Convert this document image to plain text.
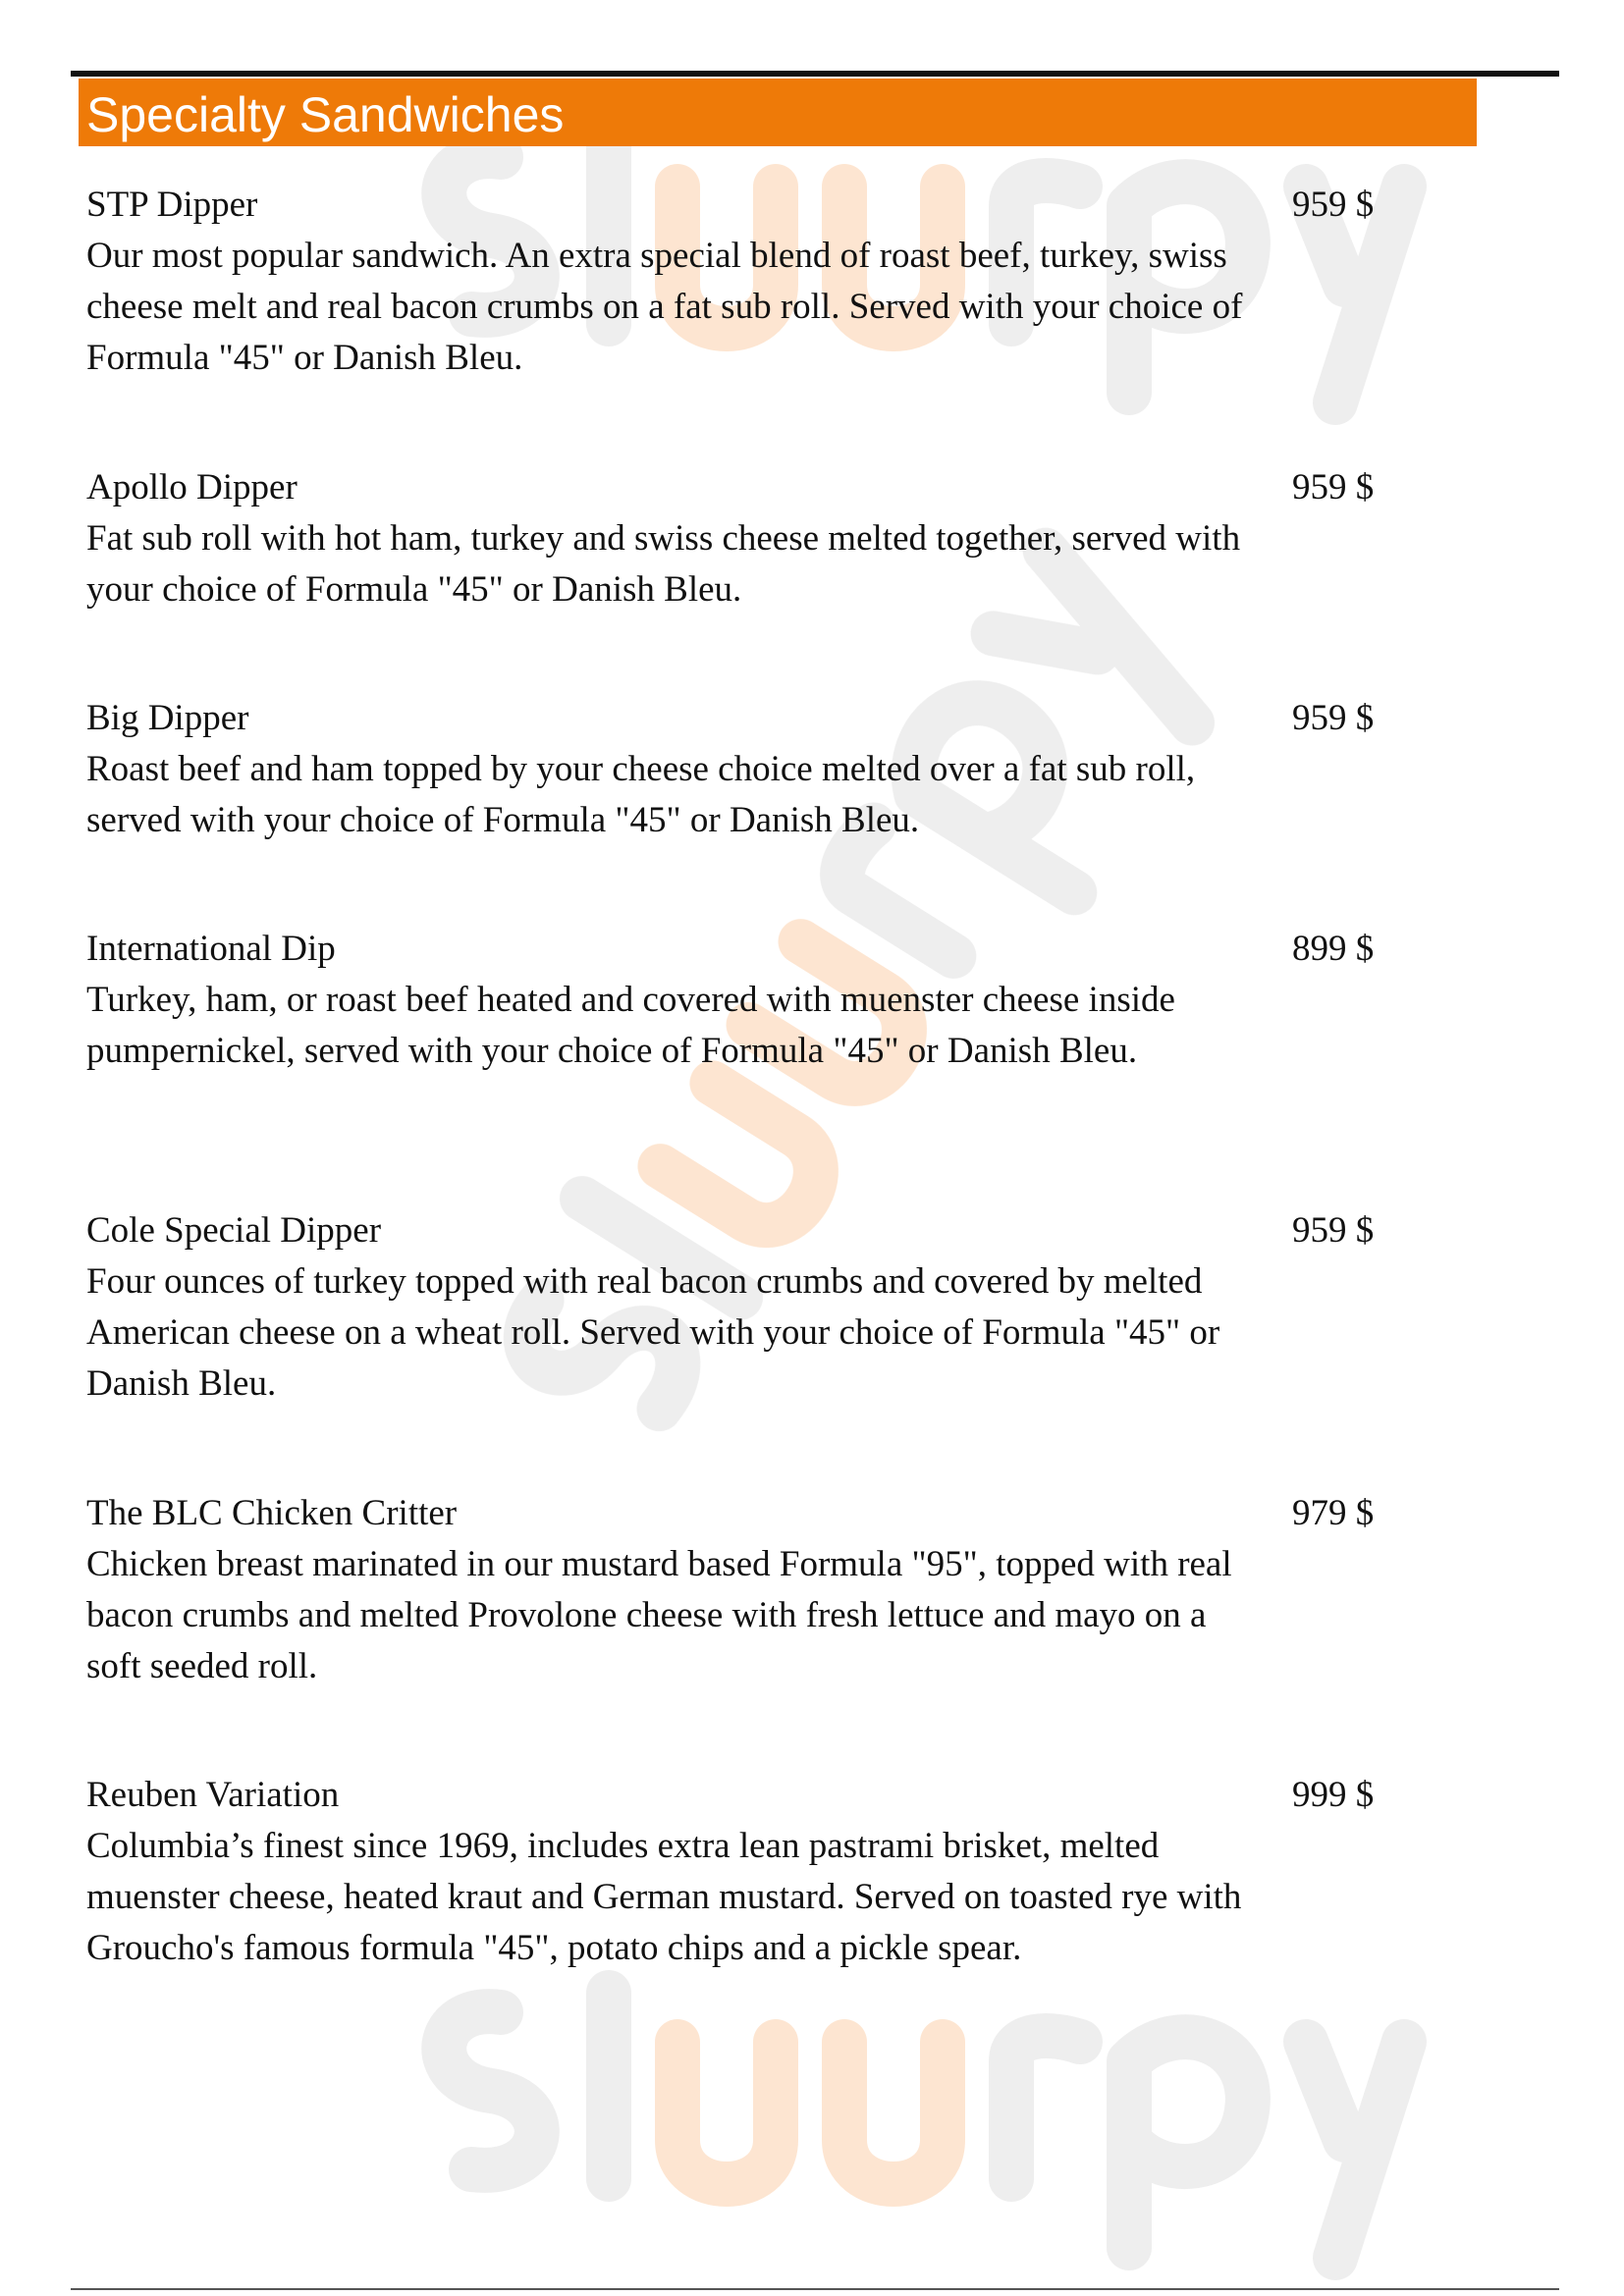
Specialty Sandwiches
STP Dipper
Our most popular sandwich. An extra special blend of roast beef, turkey, swiss cheese melt and real bacon crumbs on a fat sub roll. Served with your choice of Formula "45" or Danish Bleu.
959 $
Apollo Dipper
Fat sub roll with hot ham, turkey and swiss cheese melted together, served with your choice of Formula "45" or Danish Bleu.
959 $
Big Dipper
Roast beef and ham topped by your cheese choice melted over a fat sub roll, served with your choice of Formula "45" or Danish Bleu.
959 $
International Dip
Turkey, ham, or roast beef heated and covered with muenster cheese inside pumpernickel, served with your choice of Formula "45" or Danish Bleu.
899 $
Cole Special Dipper
Four ounces of turkey topped with real bacon crumbs and covered by melted American cheese on a wheat roll. Served with your choice of Formula "45" or Danish Bleu.
959 $
The BLC Chicken Critter
Chicken breast marinated in our mustard based Formula "95", topped with real bacon crumbs and melted Provolone cheese with fresh lettuce and mayo on a soft seeded roll.
979 $
Reuben Variation
Columbia’s finest since 1969, includes extra lean pastrami brisket, melted muenster cheese, heated kraut and German mustard. Served on toasted rye with Groucho's famous formula "45", potato chips and a pickle spear.
999 $
